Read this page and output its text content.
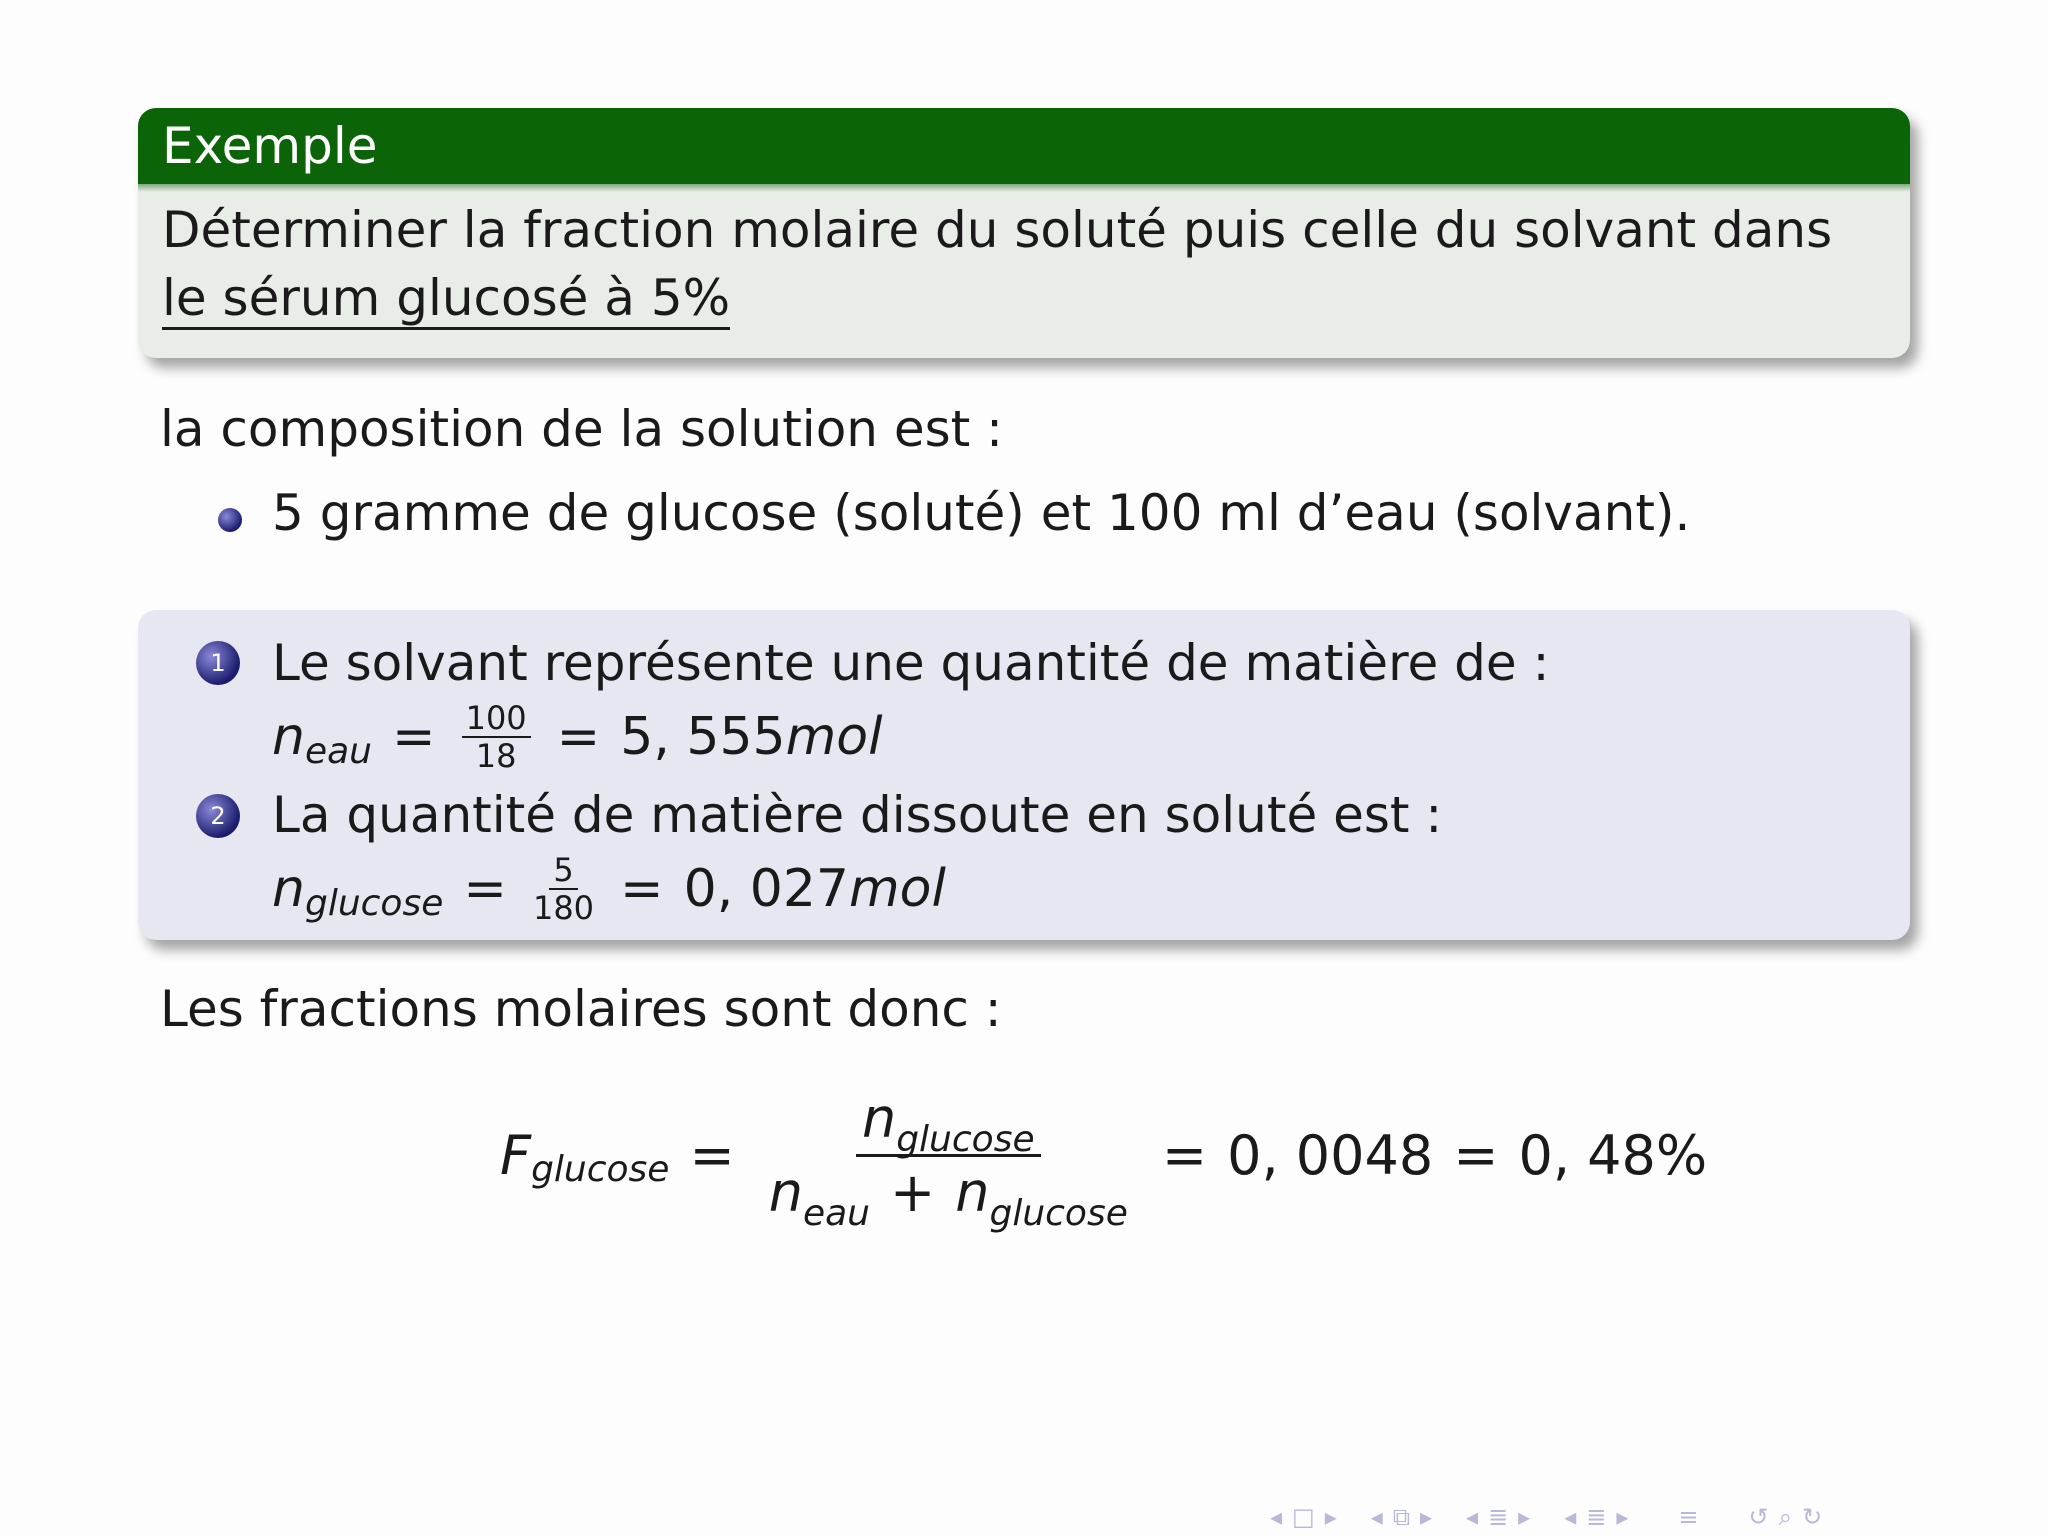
Exemple
Déterminer la fraction molaire du soluté puis celle du solvant dans
le sérum glucosé à 5%
la composition de la solution est :
5 gramme de glucose (soluté) et 100 ml d’eau (solvant).
1 Le solvant représente une quantité de matière de :
n eau = $\frac{100}{18} = 5$, 555 mol
2 La quantité de matière dissoute en soluté est :
n $glucose = \frac{5}{180} = 0$, 027 mol
Les fractions molaires sont donc :
F $glucose = \frac{n_{glucose}}{n_{eau} + n_{glucose}} = 0$, 0048 = 0, 48%
◂ □ ▸ ◂ ⧉ ▸ ◂ ≣ ▸ ◂ ≣ ▸ ≡ ↺ ⌕ ↻
